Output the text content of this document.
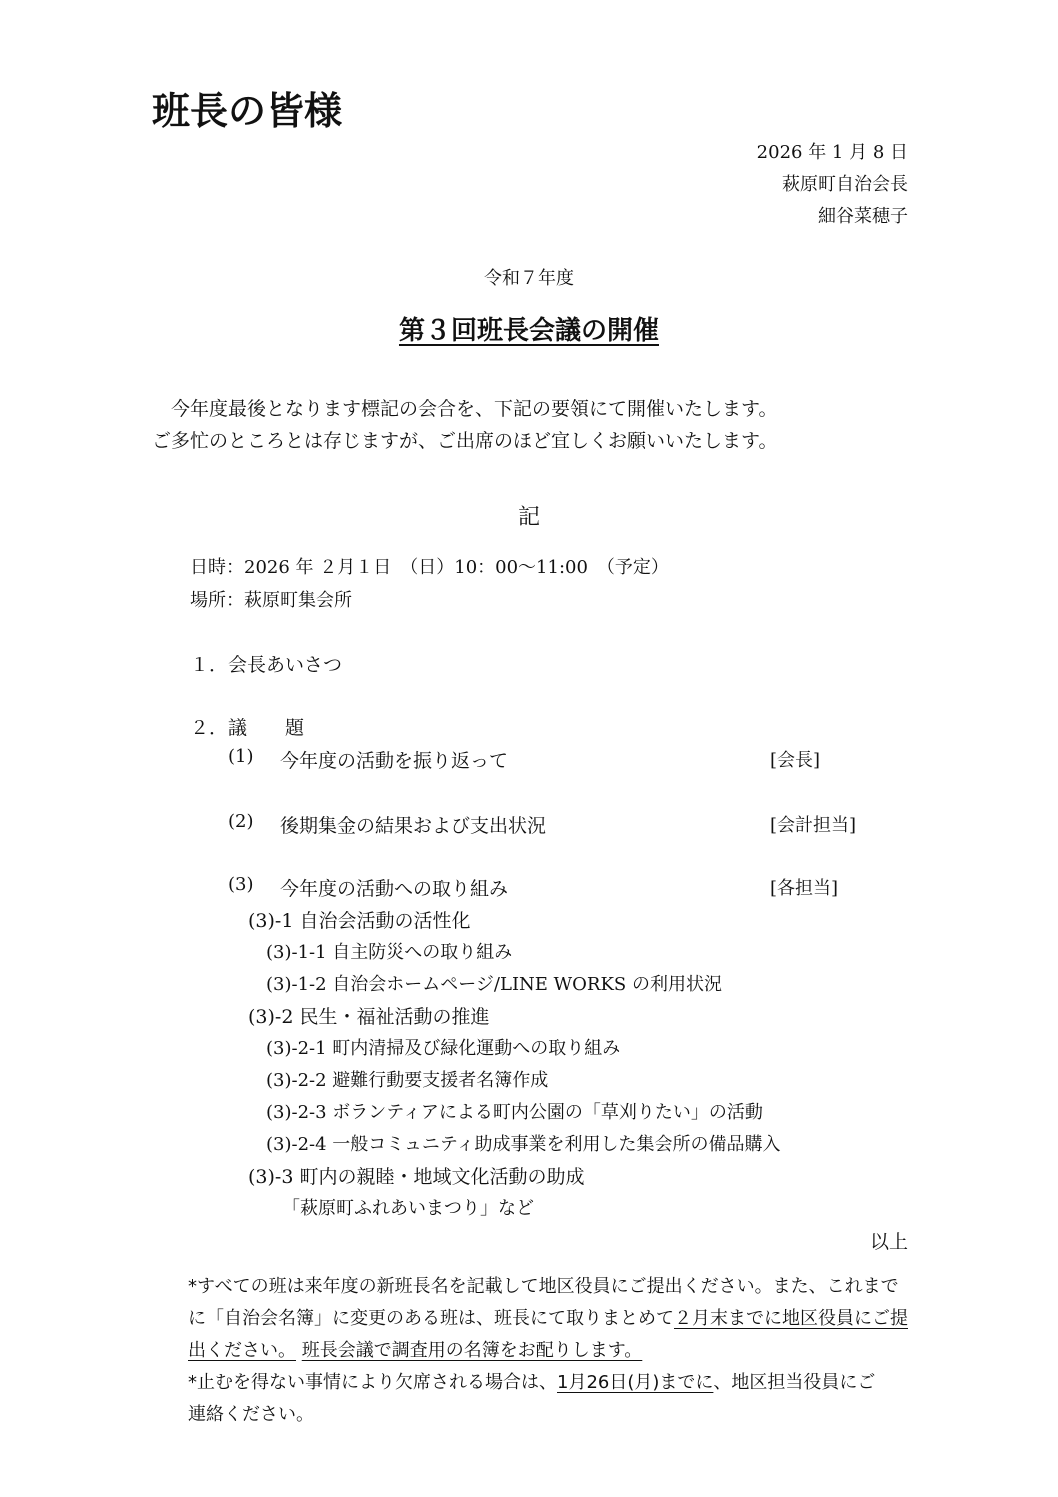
班長の皆様
2026 年 1 月 8 日
萩原町自治会長
細谷菜穂子
令和７年度
第３回班長会議の開催
　今年度最後となります標記の会合を、下記の要領にて開催いたします。
ご多忙のところとは存じますが、ご出席のほど宜しくお願いいたします。
記
日時：2026 年 ２月１日　（日）10：00～11:00　（予定）
場所：萩原町集会所
１．会長あいさつ
２．議　　題
(1) 今年度の活動を振り返って	[会長]
(2) 後期集金の結果および支出状況	[会計担当]
(3) 今年度の活動への取り組み	[各担当]
(3)-1 自治会活動の活性化
(3)-1-1 自主防災への取り組み
(3)-1-2 自治会ホームページ/LINE WORKS の利用状況
(3)-2 民生・福祉活動の推進
(3)-2-1 町内清掃及び緑化運動への取り組み
(3)-2-2 避難行動要支援者名簿作成
(3)-2-3 ボランティアによる町内公園の「草刈りたい」の活動
(3)-2-4 一般コミュニティ助成事業を利用した集会所の備品購入
(3)-3 町内の親睦・地域文化活動の助成
「萩原町ふれあいまつり」など
以上
*すべての班は来年度の新班長名を記載して地区役員にご提出ください。また、これまで
に「自治会名簿」に変更のある班は、班長にて取りまとめて２月末までに地区役員にご提
出ください。 班長会議で調査用の名簿をお配りします。
*止むを得ない事情により欠席される場合は、1月26日(月)までに、地区担当役員にご
連絡ください。
